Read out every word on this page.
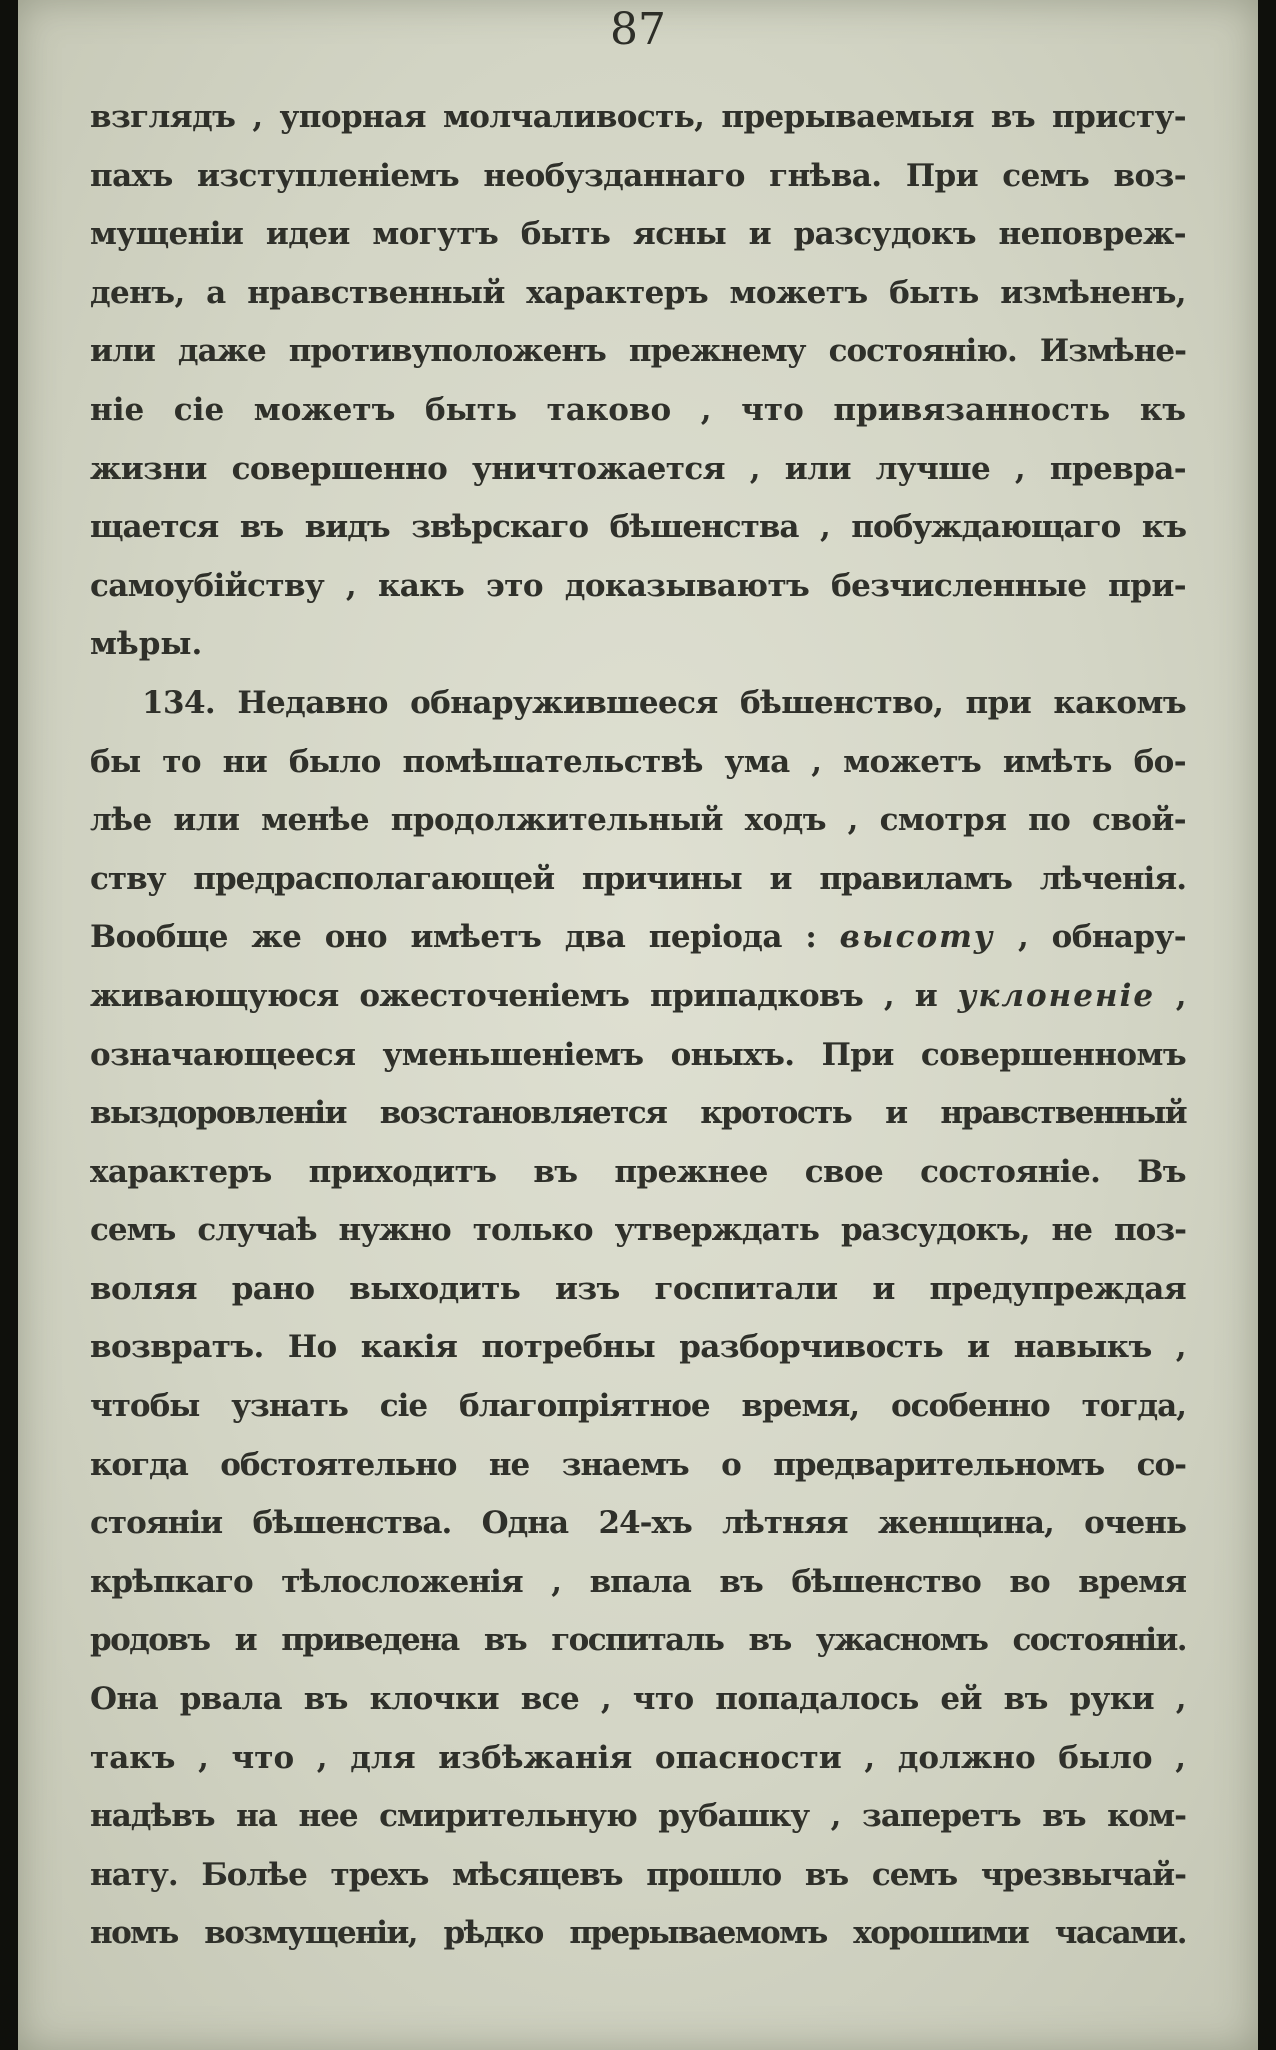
87
взглядъ , упорная молчаливость, прерываемыя въ присту-
пахъ изступленіемъ необузданнаго гнѣва. При семъ воз-
мущеніи идеи могутъ быть ясны и разсудокъ неповреж-
денъ, а нравственный характеръ можетъ быть измѣненъ,
или даже противуположенъ прежнему состоянію. Измѣне-
ніе сіе можетъ быть таково , что привязанность къ
жизни совершенно уничтожается , или лучше , превра-
щается въ видъ звѣрскаго бѣшенства , побуждающаго къ
самоубійству , какъ это доказываютъ безчисленные при-
мѣры.
134. Недавно обнаружившееся бѣшенство, при какомъ
бы то ни было помѣшательствѣ ума , можетъ имѣть бо-
лѣе или менѣе продолжительный ходъ , смотря по свой-
ству предрасполагающей причины и правиламъ лѣченія.
Вообще же оно имѣетъ два періода : высоту , обнару-
живающуюся ожесточеніемъ припадковъ , и уклоненіе ,
означающееся уменьшеніемъ оныхъ. При совершенномъ
выздоровленіи возстановляется кротость и нравственный
характеръ приходитъ въ прежнее свое состояніе. Въ
семъ случаѣ нужно только утверждать разсудокъ, не поз-
воляя рано выходить изъ госпитали и предупреждая
возвратъ. Но какія потребны разборчивость и навыкъ ,
чтобы узнать сіе благопріятное время, особенно тогда,
когда обстоятельно не знаемъ о предварительномъ со-
стояніи бѣшенства. Одна 24-хъ лѣтняя женщина, очень
крѣпкаго тѣлосложенія , впала въ бѣшенство во время
родовъ и приведена въ госпиталь въ ужасномъ состояніи.
Она рвала въ клочки все , что попадалось ей въ руки ,
такъ , что , для избѣжанія опасности , должно было ,
надѣвъ на нее смирительную рубашку , заперетъ въ ком-
нату. Болѣе трехъ мѣсяцевъ прошло въ семъ чрезвычай-
номъ возмущеніи, рѣдко прерываемомъ хорошими часами.
